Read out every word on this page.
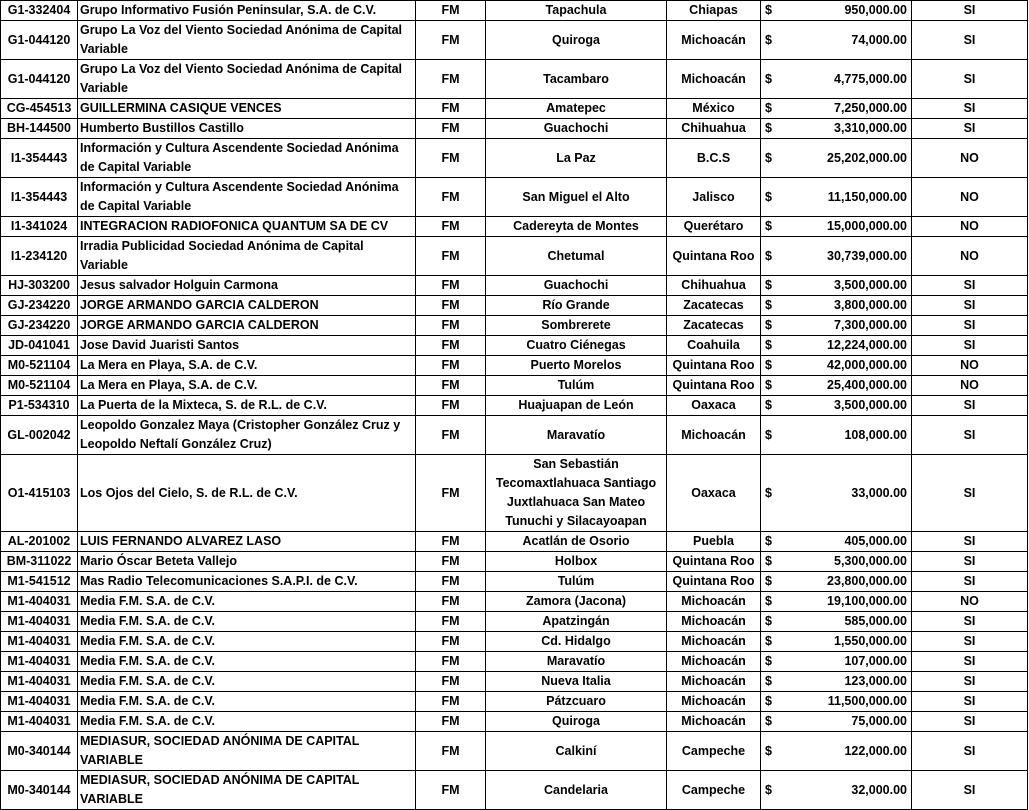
G1-332404	Grupo Informativo Fusión Peninsular, S.A. de C.V.	FM	Tapachula	Chiapas	$	950,000.00	SI
G1-044120	Grupo La Voz del Viento Sociedad Anónima de Capital Variable	FM	Quiroga	Michoacán	$	74,000.00	SI
G1-044120	Grupo La Voz del Viento Sociedad Anónima de Capital Variable	FM	Tacambaro	Michoacán	$	4,775,000.00	SI
CG-454513	GUILLERMINA CASIQUE VENCES	FM	Amatepec	México	$	7,250,000.00	SI
BH-144500	Humberto Bustillos Castillo	FM	Guachochi	Chihuahua	$	3,310,000.00	SI
I1-354443	Información y Cultura Ascendente Sociedad Anónima de Capital Variable	FM	La Paz	B.C.S	$	25,202,000.00	NO
I1-354443	Información y Cultura Ascendente Sociedad Anónima de Capital Variable	FM	San Miguel el Alto	Jalisco	$	11,150,000.00	NO
I1-341024	INTEGRACION RADIOFONICA QUANTUM SA DE CV	FM	Cadereyta de Montes	Querétaro	$	15,000,000.00	NO
I1-234120	Irradia Publicidad Sociedad Anónima de Capital Variable	FM	Chetumal	Quintana Roo	$	30,739,000.00	NO
HJ-303200	Jesus salvador Holguin Carmona	FM	Guachochi	Chihuahua	$	3,500,000.00	SI
GJ-234220	JORGE ARMANDO GARCIA CALDERON	FM	Río Grande	Zacatecas	$	3,800,000.00	SI
GJ-234220	JORGE ARMANDO GARCIA CALDERON	FM	Sombrerete	Zacatecas	$	7,300,000.00	SI
JD-041041	Jose David Juaristi Santos	FM	Cuatro Ciénegas	Coahuila	$	12,224,000.00	SI
M0-521104	La Mera en Playa, S.A. de C.V.	FM	Puerto Morelos	Quintana Roo	$	42,000,000.00	NO
M0-521104	La Mera en Playa, S.A. de C.V.	FM	Tulúm	Quintana Roo	$	25,400,000.00	NO
P1-534310	La Puerta de la Mixteca, S. de R.L. de C.V.	FM	Huajuapan de León	Oaxaca	$	3,500,000.00	SI
GL-002042	Leopoldo Gonzalez Maya (Cristopher González Cruz y Leopoldo Neftalí González Cruz)	FM	Maravatío	Michoacán	$	108,000.00	SI
O1-415103	Los Ojos del Cielo, S. de R.L. de C.V.	FM	San Sebastián Tecomaxtlahuaca Santiago Juxtlahuaca San Mateo Tunuchi y Silacayoapan	Oaxaca	$	33,000.00	SI
AL-201002	LUIS FERNANDO ALVAREZ LASO	FM	Acatlán de Osorio	Puebla	$	405,000.00	SI
BM-311022	Mario Óscar Beteta Vallejo	FM	Holbox	Quintana Roo	$	5,300,000.00	SI
M1-541512	Mas Radio Telecomunicaciones S.A.P.I. de C.V.	FM	Tulúm	Quintana Roo	$	23,800,000.00	SI
M1-404031	Media F.M. S.A. de C.V.	FM	Zamora (Jacona)	Michoacán	$	19,100,000.00	NO
M1-404031	Media F.M. S.A. de C.V.	FM	Apatzingán	Michoacán	$	585,000.00	SI
M1-404031	Media F.M. S.A. de C.V.	FM	Cd. Hidalgo	Michoacán	$	1,550,000.00	SI
M1-404031	Media F.M. S.A. de C.V.	FM	Maravatío	Michoacán	$	107,000.00	SI
M1-404031	Media F.M. S.A. de C.V.	FM	Nueva Italia	Michoacán	$	123,000.00	SI
M1-404031	Media F.M. S.A. de C.V.	FM	Pátzcuaro	Michoacán	$	11,500,000.00	SI
M1-404031	Media F.M. S.A. de C.V.	FM	Quiroga	Michoacán	$	75,000.00	SI
M0-340144	MEDIASUR, SOCIEDAD ANÓNIMA DE CAPITAL VARIABLE	FM	Calkiní	Campeche	$	122,000.00	SI
M0-340144	MEDIASUR, SOCIEDAD ANÓNIMA DE CAPITAL VARIABLE	FM	Candelaria	Campeche	$	32,000.00	SI
